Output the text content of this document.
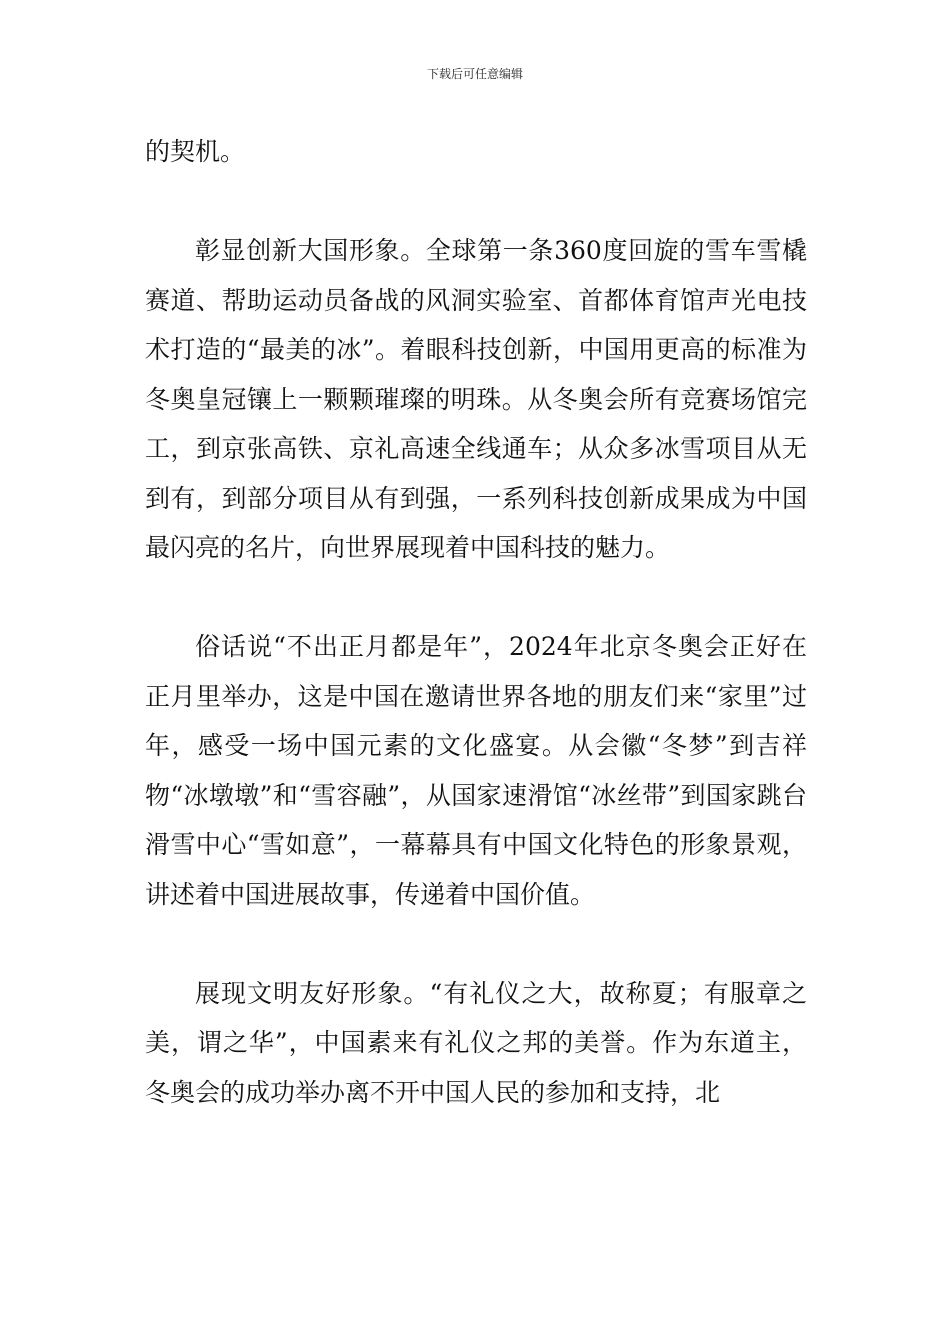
下载后可任意编辑

的契机。

彰显创新大国形象。全球第一条360度回旋的雪车雪橇赛道、帮助运动员备战的风洞实验室、首都体育馆声光电技术打造的“最美的冰”。着眼科技创新，中国用更高的标准为冬奥皇冠镶上一颗颗璀璨的明珠。从冬奥会所有竞赛场馆完工，到京张高铁、京礼高速全线通车；从众多冰雪项目从无到有，到部分项目从有到强，一系列科技创新成果成为中国最闪亮的名片，向世界展现着中国科技的魅力。

俗话说“不出正月都是年”，2024年北京冬奥会正好在正月里举办，这是中国在邀请世界各地的朋友们来“家里”过年，感受一场中国元素的文化盛宴。从会徽“冬梦”到吉祥物“冰墩墩”和“雪容融”，从国家速滑馆“冰丝带”到国家跳台滑雪中心“雪如意”，一幕幕具有中国文化特色的形象景观，讲述着中国进展故事，传递着中国价值。

展现文明友好形象。“有礼仪之大，故称夏；有服章之美，谓之华”，中国素来有礼仪之邦的美誉。作为东道主，冬奥会的成功举办离不开中国人民的参加和支持，北
